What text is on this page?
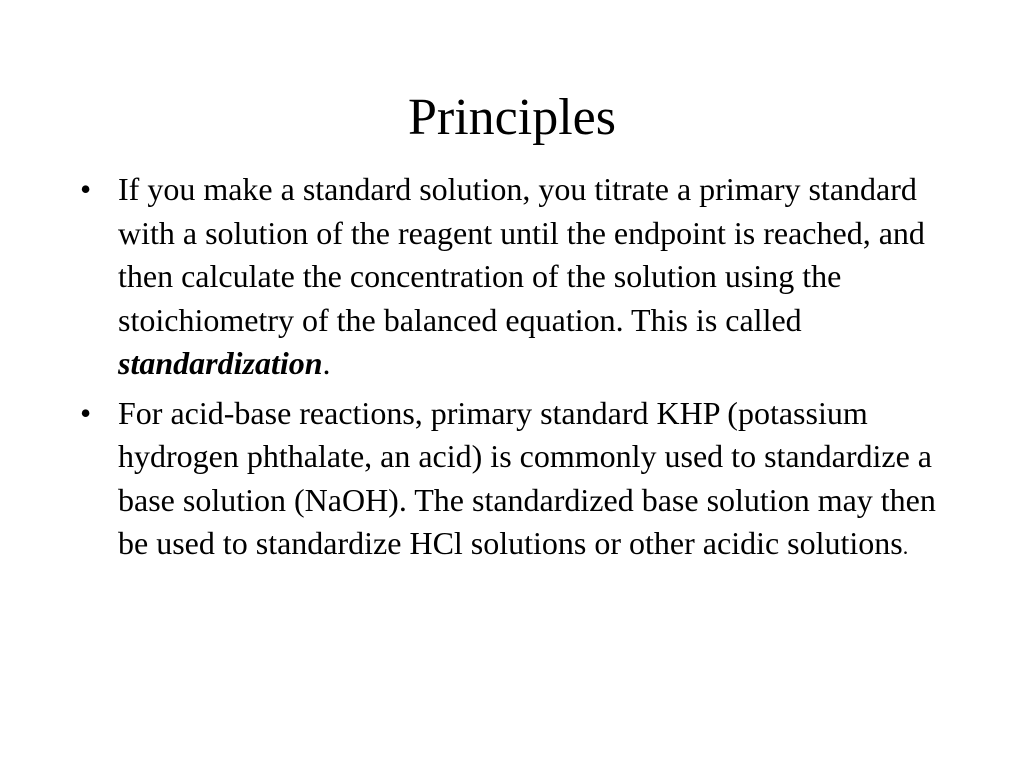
Principles
• If you make a standard solution, you titrate a primary standard with a solution of the reagent until the endpoint is reached, and then calculate the concentration of the solution using the stoichiometry of the balanced equation. This is called standardization.
• For acid-base reactions, primary standard KHP (potassium hydrogen phthalate, an acid) is commonly used to standardize a base solution (NaOH). The standardized base solution may then be used to standardize HCl solutions or other acidic solutions.
